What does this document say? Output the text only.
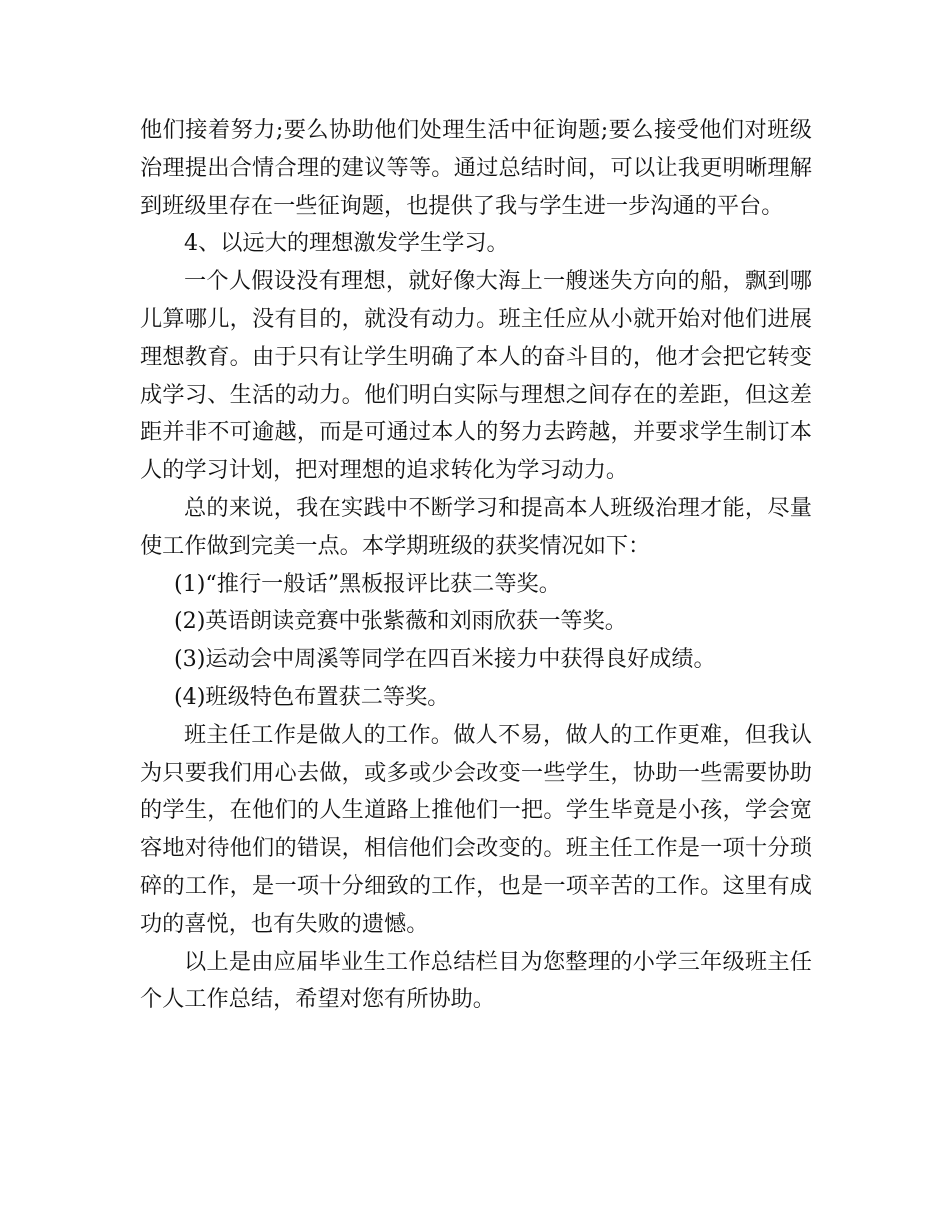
他们接着努力;要么协助他们处理生活中征询题;要么接受他们对班级治理提出合情合理的建议等等。通过总结时间，可以让我更明晰理解到班级里存在一些征询题，也提供了我与学生进一步沟通的平台。

4、以远大的理想激发学生学习。

一个人假设没有理想，就好像大海上一艘迷失方向的船，飘到哪儿算哪儿，没有目的，就没有动力。班主任应从小就开始对他们进展理想教育。由于只有让学生明确了本人的奋斗目的，他才会把它转变成学习、生活的动力。他们明白实际与理想之间存在的差距，但这差距并非不可逾越，而是可通过本人的努力去跨越，并要求学生制订本人的学习计划，把对理想的追求转化为学习动力。

总的来说，我在实践中不断学习和提高本人班级治理才能，尽量使工作做到完美一点。本学期班级的获奖情况如下：

(1)“推行一般话”黑板报评比获二等奖。

(2)英语朗读竞赛中张紫薇和刘雨欣获一等奖。

(3)运动会中周溪等同学在四百米接力中获得良好成绩。

(4)班级特色布置获二等奖。

班主任工作是做人的工作。做人不易，做人的工作更难，但我认为只要我们用心去做，或多或少会改变一些学生，协助一些需要协助的学生，在他们的人生道路上推他们一把。学生毕竟是小孩，学会宽容地对待他们的错误，相信他们会改变的。班主任工作是一项十分琐碎的工作，是一项十分细致的工作，也是一项辛苦的工作。这里有成功的喜悦，也有失败的遗憾。

以上是由应届毕业生工作总结栏目为您整理的小学三年级班主任个人工作总结，希望对您有所协助。
